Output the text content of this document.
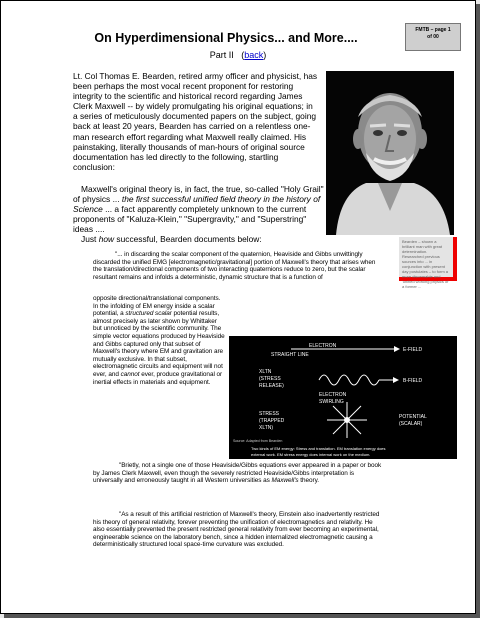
FMTB – page 1
of 00
On Hyperdimensional Physics... and More....
Part II (back)

Lt. Col Thomas E. Bearden, retired army officer and physicist, has been perhaps the most vocal recent proponent for restoring integrity to the scientific and historical record regarding James Clerk Maxwell -- by widely promulgating his original equations; in a series of meticulously documented papers on the subject, going back at least 20 years, Bearden has carried on a relentless one-man research effort regarding what Maxwell really claimed. His painstaking, literally thousands of man-hours of original source documentation has led directly to the following, startling conclusion:

Maxwell's original theory is, in fact, the true, so-called "Holy Grail" of physics ... the first successful unified field theory in the history of Science ... a fact apparently completely unknown to the current proponents of "Kaluza-Klein," "Supergravity," and "Superstring" ideas ....

Just how successful, Bearden documents below:	Bearden – shown a brilliant man with great determination. Researched previous sources into ... in conjunction with present day postulates – to form a more discernable and 'unified working physics of a former ...

"... in discarding the scalar component of the quaternion, Heaviside and Gibbs unwittingly discarded the unified EMG [electromagnetic/gravitational] portion of Maxwell's theory that arises when the translation/directional components of two interacting quaternions reduce to zero, but the scalar resultant remains and infolds a deterministic, dynamic structure that is a function of

opposite directional/translational components. In the infolding of EM energy inside a scalar potential, a structured scalar potential results, almost precisely as later shown by Whittaker but unnoticed by the scientific community. The simple vector equations produced by Heaviside and Gibbs captured only that subset of Maxwell's theory where EM and gravitation are mutually exclusive. In that subset, electromagnetic circuits and equipment will not ever, and cannot ever, produce gravitational or inertial effects in materials and equipment.

ELECTRON
STRAIGHT LINE
E-FIELD
XLTN
(STRESS
RELEASE)
B-FIELD
ELECTRON
SWIRLING
STRESS
(TRAPPED
XLTN)
POTENTIAL
(SCALAR)
Source: Adapted from Bearden
Two kinds of EM energy: Stress and translation. EM translation energy does
external work. EM stress energy does internal work on the medium.

"Brietly, not a single one of those Heaviside/Gibbs equations ever appeared in a paper or book by James Clerk Maxwell, even though the severely restricted Heaviside/Gibbs interpretation is universally and erroneously taught in all Western universities as Maxwell's theory.

"As a result of this artificial restriction of Maxwell's theory, Einstein also inadvertently restricted his theory of general relativity, forever preventing the unification of electromagnetics and relativity. He also essentially prevented the present restricted general relativity from ever becoming an experimental, engineerable science on the laboratory bench, since a hidden internalized electromagnetic causing a deterministically structured local space-time curvature was excluded.
